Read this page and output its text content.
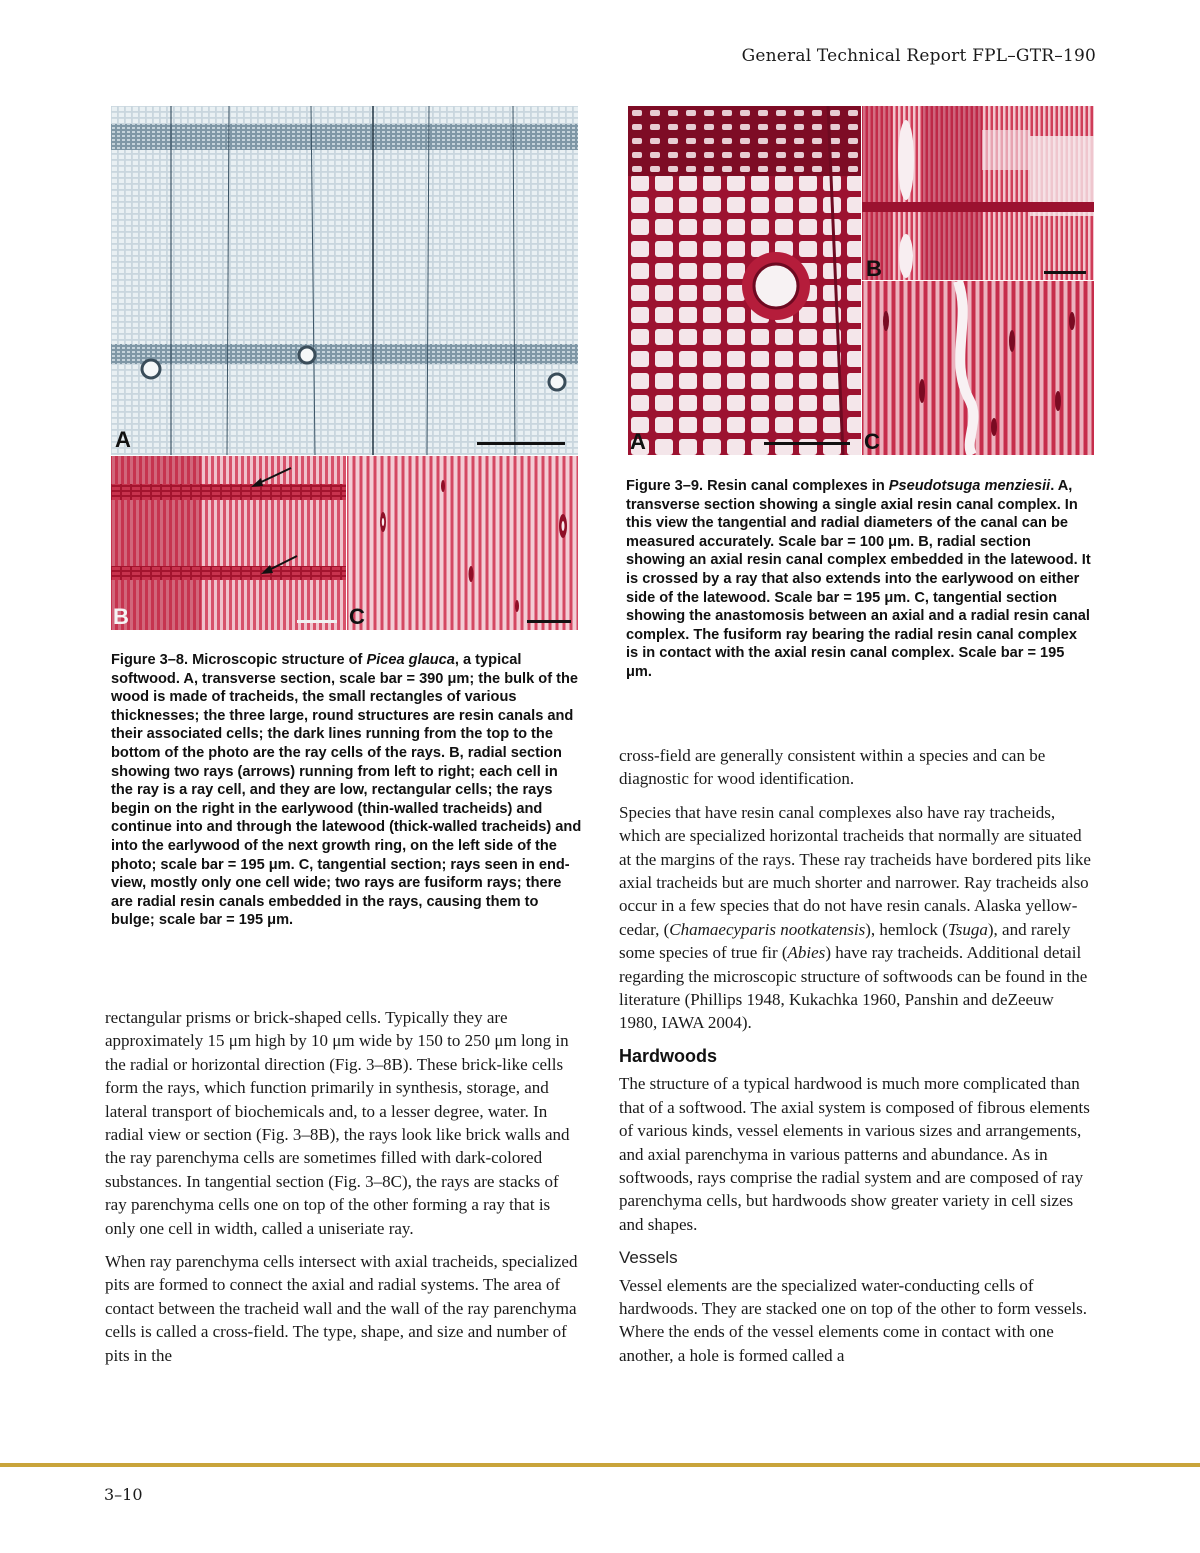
General Technical Report FPL–GTR–190
A
B	C
A
B
C
Figure 3–8. Microscopic structure of Picea glauca, a typical softwood. A, transverse section, scale bar = 390 μm; the bulk of the wood is made of tracheids, the small rectangles of various thicknesses; the three large, round structures are resin canals and their associated cells; the dark lines running from the top to the bottom of the photo are the ray cells of the rays. B, radial section showing two rays (arrows) running from left to right; each cell in the ray is a ray cell, and they are low, rectangular cells; the rays begin on the right in the earlywood (thin-walled tracheids) and continue into and through the latewood (thick-walled tracheids) and into the earlywood of the next growth ring, on the left side of the photo; scale bar = 195 μm. C, tangential section; rays seen in end-view, mostly only one cell wide; two rays are fusiform rays; there are radial resin canals embedded in the rays, causing them to bulge; scale bar = 195 μm.
Figure 3–9. Resin canal complexes in Pseudotsuga menziesii. A, transverse section showing a single axial resin canal complex. In this view the tangential and radial diameters of the canal can be measured accurately. Scale bar = 100 μm. B, radial section showing an axial resin canal complex embedded in the latewood. It is crossed by a ray that also extends into the earlywood on either side of the latewood. Scale bar = 195 μm. C, tangential section showing the anastomosis between an axial and a radial resin canal complex. The fusiform ray bearing the radial resin canal complex is in contact with the axial resin canal complex. Scale bar = 195 μm.

rectangular prisms or brick-shaped cells. Typically they are approximately 15 μm high by 10 μm wide by 150 to 250 μm long in the radial or horizontal direction (Fig. 3–8B). These brick-like cells form the rays, which function primarily in synthesis, storage, and lateral transport of biochemicals and, to a lesser degree, water. In radial view or section (Fig. 3–8B), the rays look like brick walls and the ray parenchyma cells are sometimes filled with dark-colored substances. In tangential section (Fig. 3–8C), the rays are stacks of ray parenchyma cells one on top of the other forming a ray that is only one cell in width, called a uniseriate ray.

When ray parenchyma cells intersect with axial tracheids, specialized pits are formed to connect the axial and radial systems. The area of contact between the tracheid wall and the wall of the ray parenchyma cells is called a cross-field. The type, shape, and size and number of pits in the

cross-field are generally consistent within a species and can be diagnostic for wood identification.

Species that have resin canal complexes also have ray tracheids, which are specialized horizontal tracheids that normally are situated at the margins of the rays. These ray tracheids have bordered pits like axial tracheids but are much shorter and narrower. Ray tracheids also occur in a few species that do not have resin canals. Alaska yellow-cedar, (Chamaecyparis nootkatensis), hemlock (Tsuga), and rarely some species of true fir (Abies) have ray tracheids. Additional detail regarding the microscopic structure of softwoods can be found in the literature (Phillips 1948, Kukachka 1960, Panshin and deZeeuw 1980, IAWA 2004).

Hardwoods

The structure of a typical hardwood is much more complicated than that of a softwood. The axial system is composed of fibrous elements of various kinds, vessel elements in various sizes and arrangements, and axial parenchyma in various patterns and abundance. As in softwoods, rays comprise the radial system and are composed of ray parenchyma cells, but hardwoods show greater variety in cell sizes and shapes.

Vessels

Vessel elements are the specialized water-conducting cells of hardwoods. They are stacked one on top of the other to form vessels. Where the ends of the vessel elements come in contact with one another, a hole is formed called a

3–10
